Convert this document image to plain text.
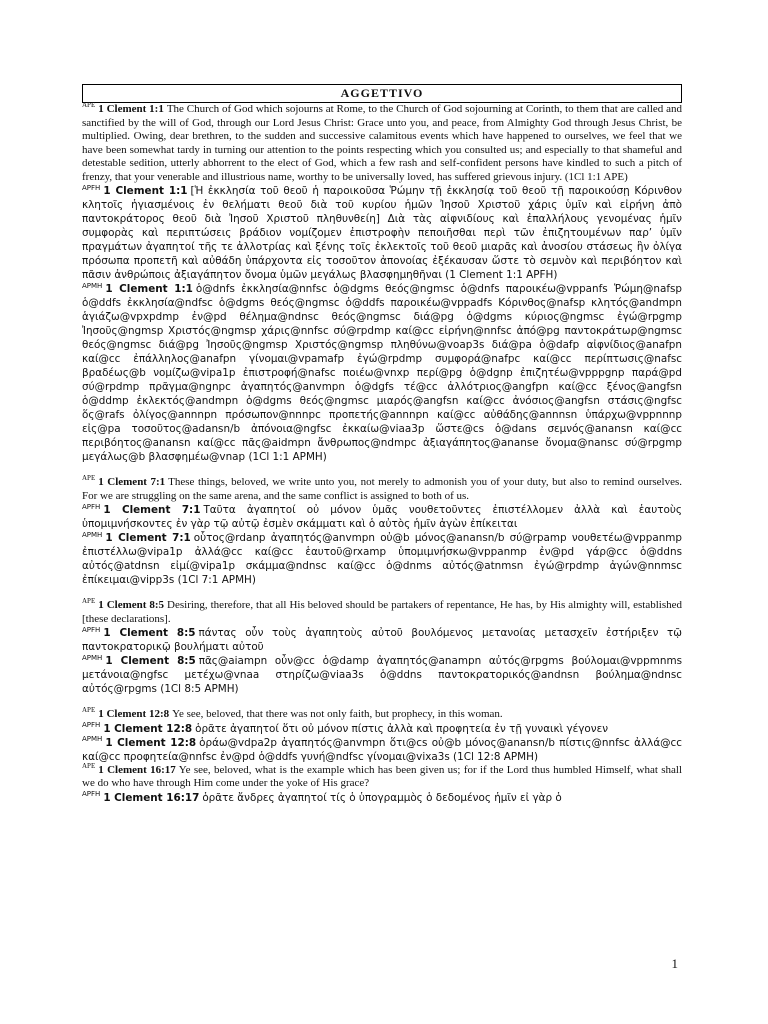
AGGETTIVO

$^{APE}$ 1 Clement 1:1 The Church of God which sojourns at Rome, to the Church of God sojourning at Corinth, to them that are called and sanctified by the will of God, through our Lord Jesus Christ: Grace unto you, and peace, from Almighty God through Jesus Christ, be multiplied. Owing, dear brethren, to the sudden and successive calamitous events which have happened to ourselves, we feel that we have been somewhat tardy in turning our attention to the points respecting which you consulted us; and especially to that shameful and detestable sedition, utterly abhorrent to the elect of God, which a few rash and self-confident persons have kindled to such a pitch of frenzy, that your venerable and illustrious name, worthy to be universally loved, has suffered grievous injury. (1Cl 1:1 APE)

$^{APFH}$ 1 Clement 1:1 [Ἡ ἐκκλησία τοῦ θεοῦ ἡ παροικοῦσα Ῥώμην τῇ ἐκκλησίᾳ τοῦ θεοῦ τῇ παροικούσῃ Κόρινθον κλητοῖς ἡγιασμένοις ἐν θελήματι θεοῦ διὰ τοῦ κυρίου ἡμῶν Ἰησοῦ Χριστοῦ χάρις ὑμῖν καὶ εἰρήνη ἀπὸ παντοκράτορος θεοῦ διὰ Ἰησοῦ Χριστοῦ πληθυνθείη] Διὰ τὰς αἰφνιδίους καὶ ἐπαλλήλους γενομένας ἡμῖν συμφορὰς καὶ περιπτώσεις βράδιον νομίζομεν ἐπιστροφὴν πεποιῆσθαι περὶ τῶν ἐπιζητουμένων παρ’ ὑμῖν πραγμάτων ἀγαπητοί τῆς τε ἀλλοτρίας καὶ ξένης τοῖς ἐκλεκτοῖς τοῦ θεοῦ μιαρᾶς καὶ ἀνοσίου στάσεως ἣν ὀλίγα πρόσωπα προπετῆ καὶ αὐθάδη ὑπάρχοντα εἰς τοσοῦτον ἀπονοίας ἐξέκαυσαν ὥστε τὸ σεμνὸν καὶ περιβόητον καὶ πᾶσιν ἀνθρώποις ἀξιαγάπητον ὄνομα ὑμῶν μεγάλως βλασφημηθῆναι (1 Clement 1:1 APFH)

$^{APMH}$ 1 Clement 1:1 ὁ@dnfs ἐκκλησία@nnfsc ὁ@dgms θεός@ngmsc ὁ@dnfs παροικέω@vppanfs Ῥώμη@nafsp ὁ@ddfs ἐκκλησία@ndfsc ὁ@dgms θεός@ngmsc ὁ@ddfs παροικέω@vppadfs Κόρινθος@nafsp κλητός@andmpn ἁγιάζω@vpxpdmp ἐν@pd θέλημα@ndnsc θεός@ngmsc διά@pg ὁ@dgms κύριος@ngmsc ἐγώ@rpgmp Ἰησοῦς@ngmsp Χριστός@ngmsp χάρις@nnfsc σύ@rpdmp καί@cc εἰρήνη@nnfsc ἀπό@pg παντοκράτωρ@ngmsc θεός@ngmsc διά@pg Ἰησοῦς@ngmsp Χριστός@ngmsp πληθύνω@voap3s διά@pa ὁ@dafp αἰφνίδιος@anafpn καί@cc ἐπάλληλος@anafpn γίνομαι@vpamafp ἐγώ@rpdmp συμφορά@nafpc καί@cc περίπτωσις@nafsc βραδέως@b νομίζω@vipa1p ἐπιστροφή@nafsc ποιέω@vnxp περί@pg ὁ@dgnp ἐπιζητέω@vpppgnp παρά@pd σύ@rpdmp πρᾶγμα@ngnpc ἀγαπητός@anvmpn ὁ@dgfs τέ@cc ἀλλότριος@angfpn καί@cc ξένος@angfsn ὁ@ddmp ἐκλεκτός@andmpn ὁ@dgms θεός@ngmsc μιαρός@angfsn καί@cc ἀνόσιος@angfsn στάσις@ngfsc ὅς@rafs ὀλίγος@annnpn πρόσωπον@nnnpc προπετής@annnpn καί@cc αὐθάδης@annnsn ὑπάρχω@vppnnnp εἰς@pa τοσοῦτος@adansn/b ἀπόνοια@ngfsc ἐκκαίω@viaa3p ὥστε@cs ὁ@dans σεμνός@anansn καί@cc περιβόητος@anansn καί@cc πᾶς@aidmpn ἄνθρωπος@ndmpc ἀξιαγάπητος@ananse ὄνομα@nansc σύ@rpgmp μεγάλως@b βλασφημέω@vnap (1Cl 1:1 APMH)

$^{APE}$ 1 Clement 7:1 These things, beloved, we write unto you, not merely to admonish you of your duty, but also to remind ourselves. For we are struggling on the same arena, and the same conflict is assigned to both of us.

$^{APFH}$ 1 Clement 7:1 Ταῦτα ἀγαπητοί οὐ μόνον ὑμᾶς νουθετοῦντες ἐπιστέλλομεν ἀλλὰ καὶ ἑαυτοὺς ὑπομιμνήσκοντες ἐν γὰρ τῷ αὐτῷ ἐσμὲν σκάμματι καὶ ὁ αὐτὸς ἡμῖν ἀγὼν ἐπίκειται

$^{APMH}$ 1 Clement 7:1 οὗτος@rdanp ἀγαπητός@anvmpn οὐ@b μόνος@anansn/b σύ@rpamp νουθετέω@vppanmp ἐπιστέλλω@vipa1p ἀλλά@cc καί@cc ἑαυτοῦ@rxamp ὑπομιμνήσκω@vppanmp ἐν@pd γάρ@cc ὁ@ddns αὐτός@atdnsn εἰμί@vipa1p σκάμμα@ndnsc καί@cc ὁ@dnms αὐτός@atnmsn ἐγώ@rpdmp ἀγών@nnmsc ἐπίκειμαι@vipp3s (1Cl 7:1 APMH)

$^{APE}$ 1 Clement 8:5 Desiring, therefore, that all His beloved should be partakers of repentance, He has, by His almighty will, established [these declarations].

$^{APFH}$ 1 Clement 8:5 πάντας οὖν τοὺς ἀγαπητοὺς αὐτοῦ βουλόμενος μετανοίας μετασχεῖν ἐστήριξεν τῷ παντοκρατορικῷ βουλήματι αὐτοῦ

$^{APMH}$ 1 Clement 8:5 πᾶς@aiampn οὖν@cc ὁ@damp ἀγαπητός@anampn αὐτός@rpgms βούλομαι@vppmnms μετάνοια@ngfsc μετέχω@vnaa στηρίζω@viaa3s ὁ@ddns παντοκρατορικός@andnsn βούλημα@ndnsc αὐτός@rpgms (1Cl 8:5 APMH)

$^{APE}$ 1 Clement 12:8 Ye see, beloved, that there was not only faith, but prophecy, in this woman.

$^{APFH}$ 1 Clement 12:8 ὁρᾶτε ἀγαπητοί ὅτι οὐ μόνον πίστις ἀλλὰ καὶ προφητεία ἐν τῇ γυναικὶ γέγονεν

$^{APMH}$ 1 Clement 12:8 ὁράω@vdpa2p ἀγαπητός@anvmpn ὅτι@cs οὐ@b μόνος@anansn/b πίστις@nnfsc ἀλλά@cc καί@cc προφητεία@nnfsc ἐν@pd ὁ@ddfs γυνή@ndfsc γίνομαι@vixa3s (1Cl 12:8 APMH)

$^{APE}$ 1 Clement 16:17 Ye see, beloved, what is the example which has been given us; for if the Lord thus humbled Himself, what shall we do who have through Him come under the yoke of His grace?

$^{APFH}$ 1 Clement 16:17 ὁρᾶτε ἄνδρες ἀγαπητοί τίς ὁ ὑπογραμμὸς ὁ δεδομένος ἡμῖν εἰ γὰρ ὁ

1
